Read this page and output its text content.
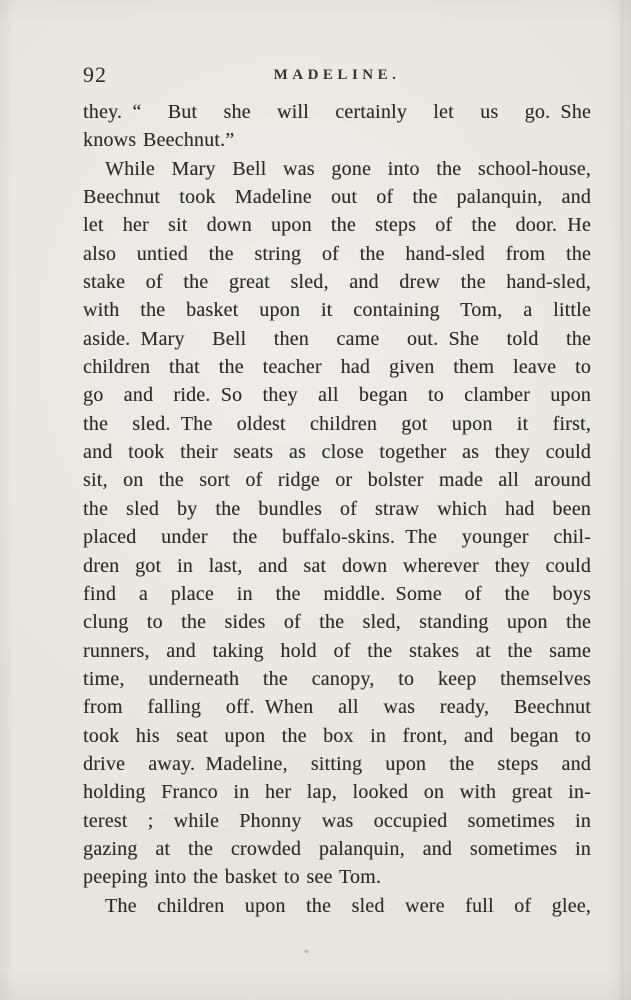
92	MADELINE.
they. “ But she will certainly let us go. She
knows Beechnut.”
While Mary Bell was gone into the school-house,
Beechnut took Madeline out of the palanquin, and
let her sit down upon the steps of the door. He
also untied the string of the hand-sled from the
stake of the great sled, and drew the hand-sled,
with the basket upon it containing Tom, a little
aside. Mary Bell then came out. She told the
children that the teacher had given them leave to
go and ride. So they all began to clamber upon
the sled. The oldest children got upon it first,
and took their seats as close together as they could
sit, on the sort of ridge or bolster made all around
the sled by the bundles of straw which had been
placed under the buffalo-skins. The younger chil-
dren got in last, and sat down wherever they could
find a place in the middle. Some of the boys
clung to the sides of the sled, standing upon the
runners, and taking hold of the stakes at the same
time, underneath the canopy, to keep themselves
from falling off. When all was ready, Beechnut
took his seat upon the box in front, and began to
drive away. Madeline, sitting upon the steps and
holding Franco in her lap, looked on with great in-
terest ; while Phonny was occupied sometimes in
gazing at the crowded palanquin, and sometimes in
peeping into the basket to see Tom.
The children upon the sled were full of glee,
